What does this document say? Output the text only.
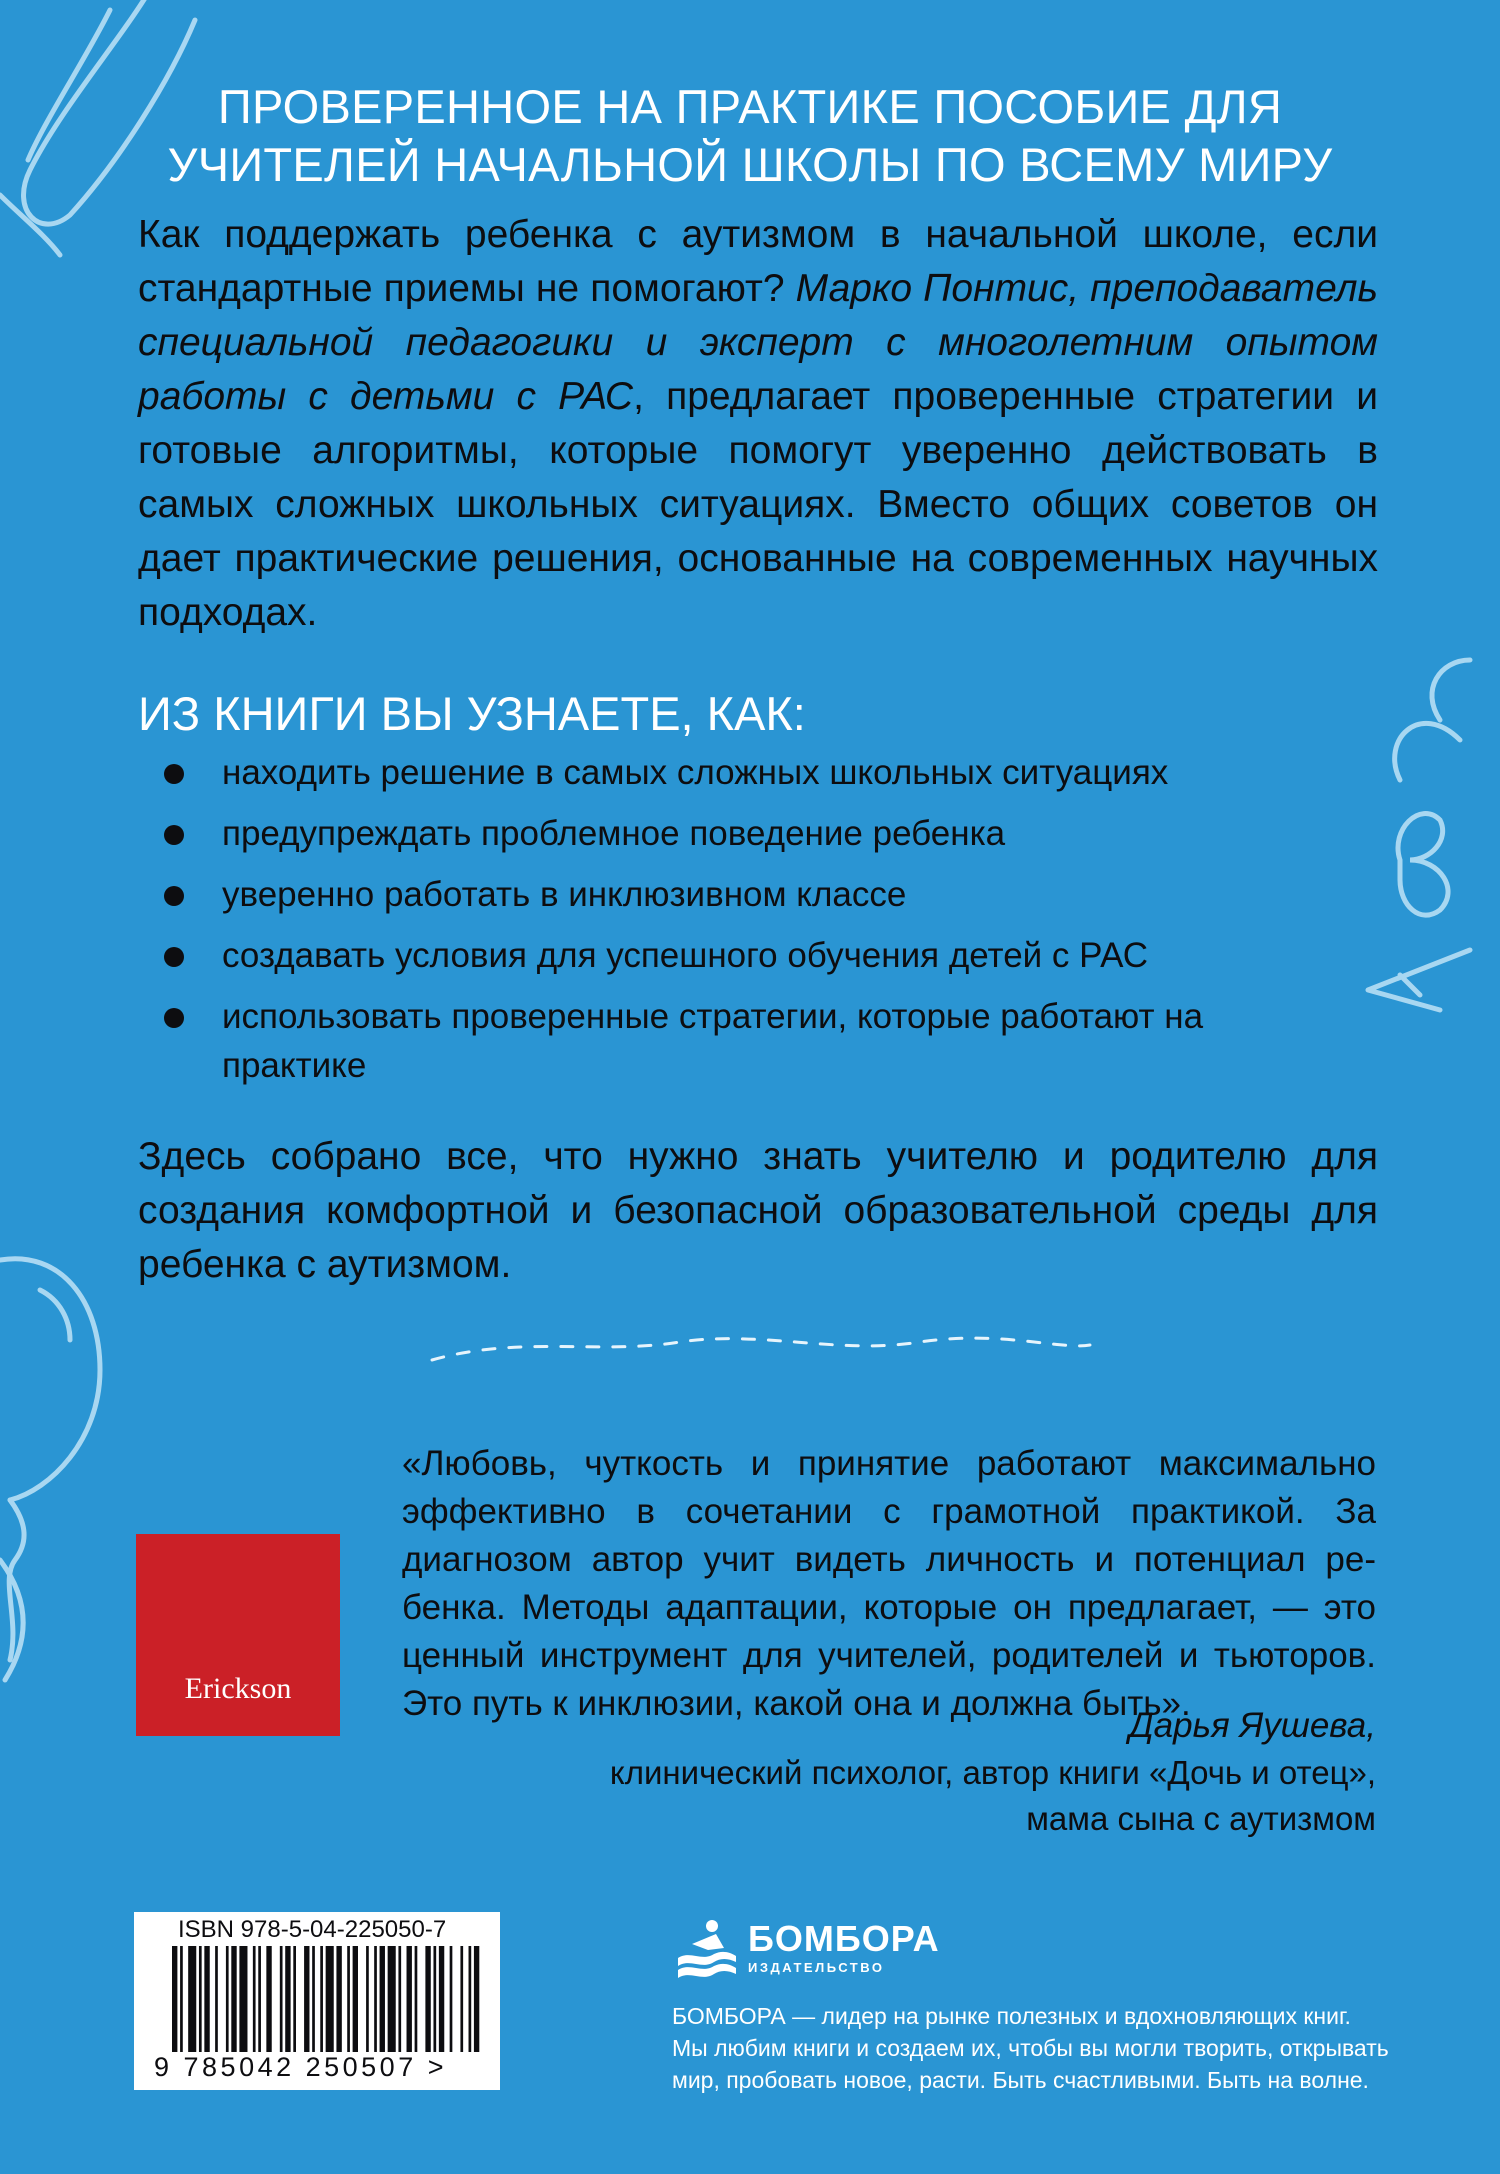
ПРОВЕРЕННОЕ НА ПРАКТИКЕ ПОСОБИЕ ДЛЯ
УЧИТЕЛЕЙ НАЧАЛЬНОЙ ШКОЛЫ ПО ВСЕМУ МИРУ
Как поддержать ребенка с аутизмом в начальной школе, если стандартные приемы не помогают? Марко Понтис, преподаватель специальной педагогики и эксперт с многолетним опытом работы с детьми с РАС, предлагает проверенные стратегии и готовые алгоритмы, которые помогут уверенно действовать в самых сложных школьных ситуациях. Вместо общих советов он дает практические решения, основанные на современных научных подходах.
ИЗ КНИГИ ВЫ УЗНАЕТЕ, КАК:
находить решение в самых сложных школьных ситуациях
предупреждать проблемное поведение ребенка
уверенно работать в инклюзивном классе
создавать условия для успешного обучения детей с РАС
использовать проверенные стратегии, которые работают на практике
Здесь собрано все, что нужно знать учителю и родителю для создания комфортной и безопасной образовательной среды для ребенка с аутизмом.
Erickson
«Любовь, чуткость и принятие работают максимально эффективно в сочетании с грамотной практикой. За диагнозом автор учит видеть личность и потенциал ребенка. Методы адаптации, которые он предлагает, — это ценный инструмент для учителей, родителей и тьюторов. Это путь к инклюзии, какой она и должна быть».
Дарья Яушева,
клинический психолог, автор книги «Дочь и отец»,
мама сына с аутизмом
ISBN 978-5-04-225050-7
9 785042 250507 >
БОМБОРА
ИЗДАТЕЛЬСТВО
БОМБОРА — лидер на рынке полезных и вдохновляющих книг.
Мы любим книги и создаем их, чтобы вы могли творить, открывать
мир, пробовать новое, расти. Быть счастливыми. Быть на волне.
